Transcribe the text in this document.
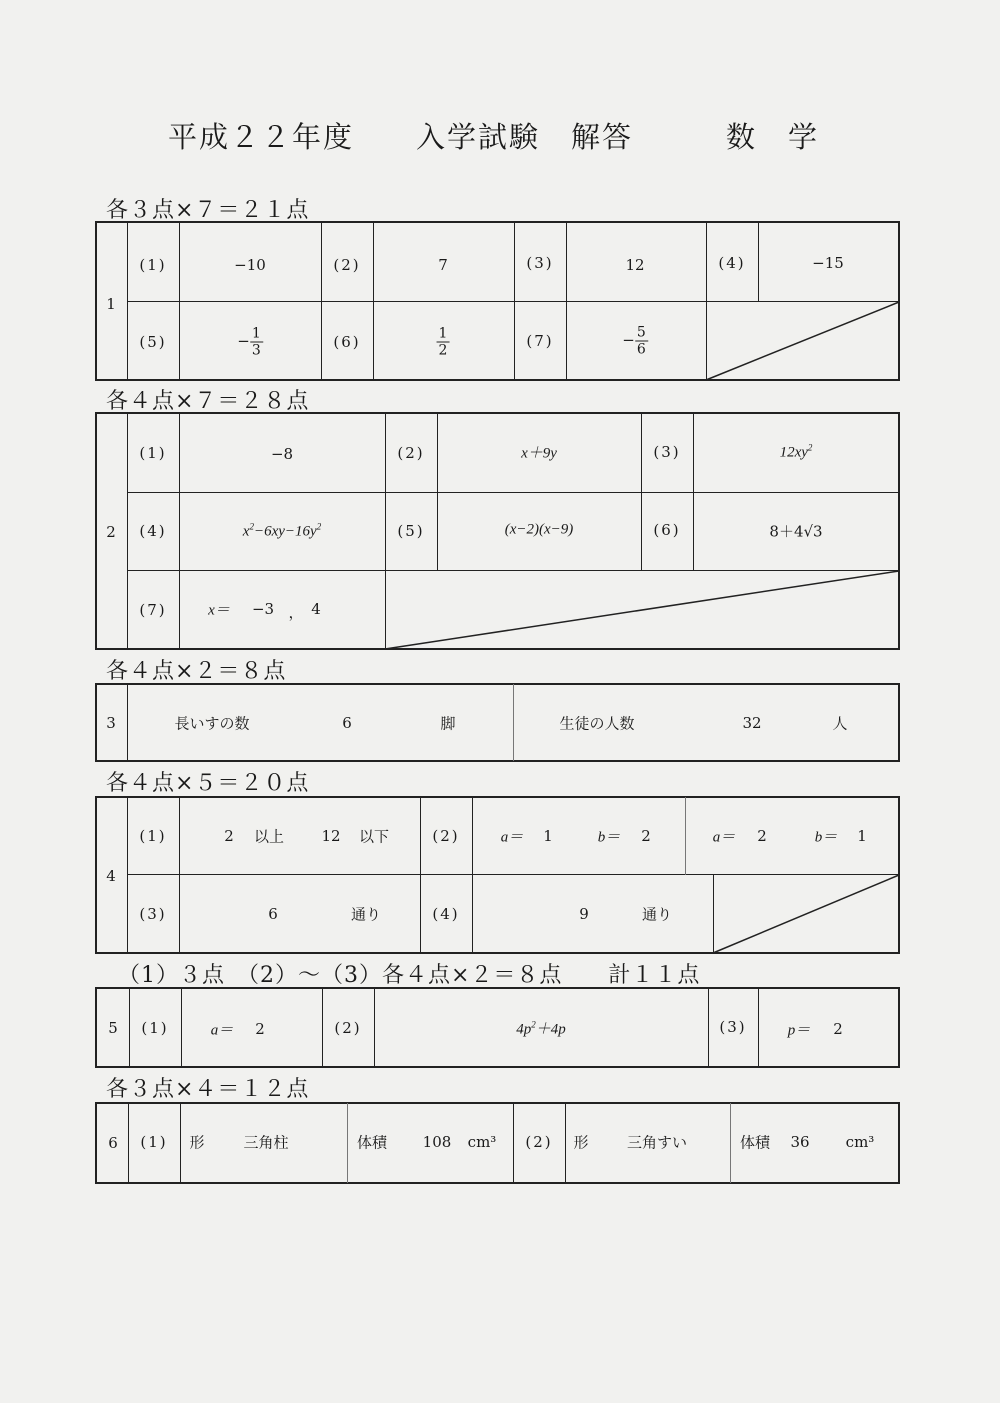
平成２２年度　　入学試験　解答　　　数　学
各３点×７＝２１点
1
(1)	−10	(2)	7	(3)	12	(4)	−15
(5)	− $\frac{1}{3}$	(6)	$\frac{1}{2}$	(7)	− $\frac{5}{6}$
各４点×７＝２８点
2
(1)	−8	(2)	x＋9y	(3)	$12xy^2$
(4)	$x^2-6xy-16y^2$	(5)	(x−2)(x−9)	(6)	8＋4√3
(7)	x＝ −3 ， 4
各４点×２＝８点
3	長いすの数	6	脚	生徒の人数	32	人
各４点×５＝２０点
4
(1)	2 以上 12 以下	(2)	a＝ 1	b＝ 2	a＝ 2	b＝ 1
(3)	6	通り	(4)	9	通り
（1）３点　（2）～（3）各４点×２＝８点　　計１１点
5 (1)	a＝ 2	(2)	$4p^2+4p$	(3)	p＝ 2
各３点×４＝１２点
6 (1) 形	三角柱	体積 108 cm³ (2) 形	三角すい	体積 36 cm³
